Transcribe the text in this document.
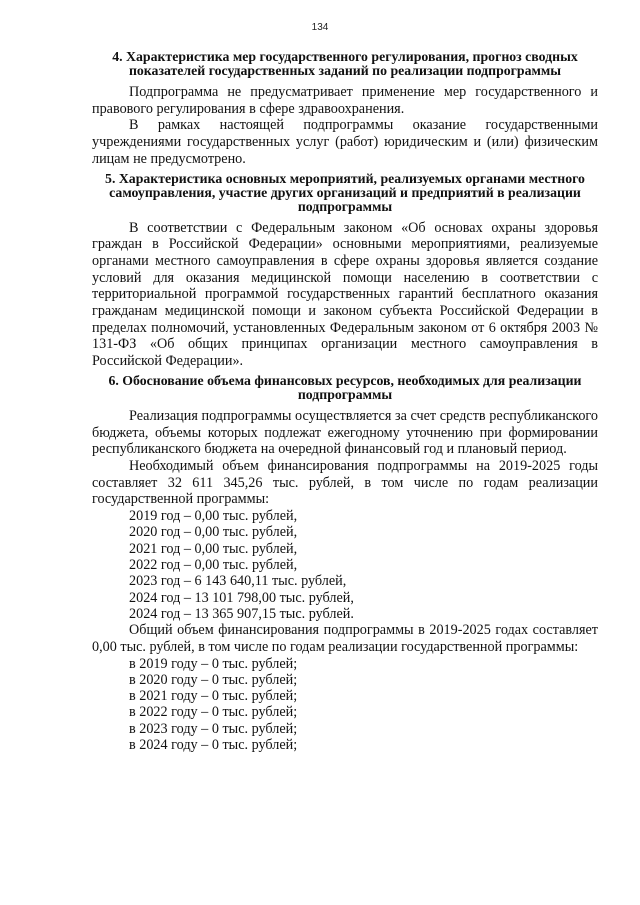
134
4. Характеристика мер государственного регулирования, прогноз сводных показателей государственных заданий по реализации подпрограммы

Подпрограмма не предусматривает применение мер государственного и правового регулирования в сфере здравоохранения.

В рамках настоящей подпрограммы оказание государственными учреждениями государственных услуг (работ) юридическим и (или) физическим лицам не предусмотрено.

5. Характеристика основных мероприятий, реализуемых органами местного самоуправления, участие других организаций и предприятий в реализации подпрограммы

В соответствии с Федеральным законом «Об основах охраны здоровья граждан в Российской Федерации» основными мероприятиями, реализуемые органами местного самоуправления в сфере охраны здоровья является создание условий для оказания медицинской помощи населению в соответствии с территориальной программой государственных гарантий бесплатного оказания гражданам медицинской помощи и законом субъекта Российской Федерации в пределах полномочий, установленных Федеральным законом от 6 октября 2003 № 131-ФЗ «Об общих принципах организации местного самоуправления в Российской Федерации».

6. Обоснование объема финансовых ресурсов, необходимых для реализации подпрограммы

Реализация подпрограммы осуществляется за счет средств республиканского бюджета, объемы которых подлежат ежегодному уточнению при формировании республиканского бюджета на очередной финансовый год и плановый период.

Необходимый объем финансирования подпрограммы на 2019-2025 годы составляет 32 611 345,26 тыс. рублей, в том числе по годам реализации государственной программы:

2019 год – 0,00 тыс. рублей,
2020 год – 0,00 тыс. рублей,
2021 год – 0,00 тыс. рублей,
2022 год – 0,00 тыс. рублей,
2023 год – 6 143 640,11 тыс. рублей,
2024 год – 13 101 798,00 тыс. рублей,
2024 год – 13 365 907,15 тыс. рублей.

Общий объем финансирования подпрограммы в 2019-2025 годах составляет 0,00 тыс. рублей, в том числе по годам реализации государственной программы:

в 2019 году – 0 тыс. рублей;
в 2020 году – 0 тыс. рублей;
в 2021 году – 0 тыс. рублей;
в 2022 году – 0 тыс. рублей;
в 2023 году – 0 тыс. рублей;
в 2024 году – 0 тыс. рублей;
